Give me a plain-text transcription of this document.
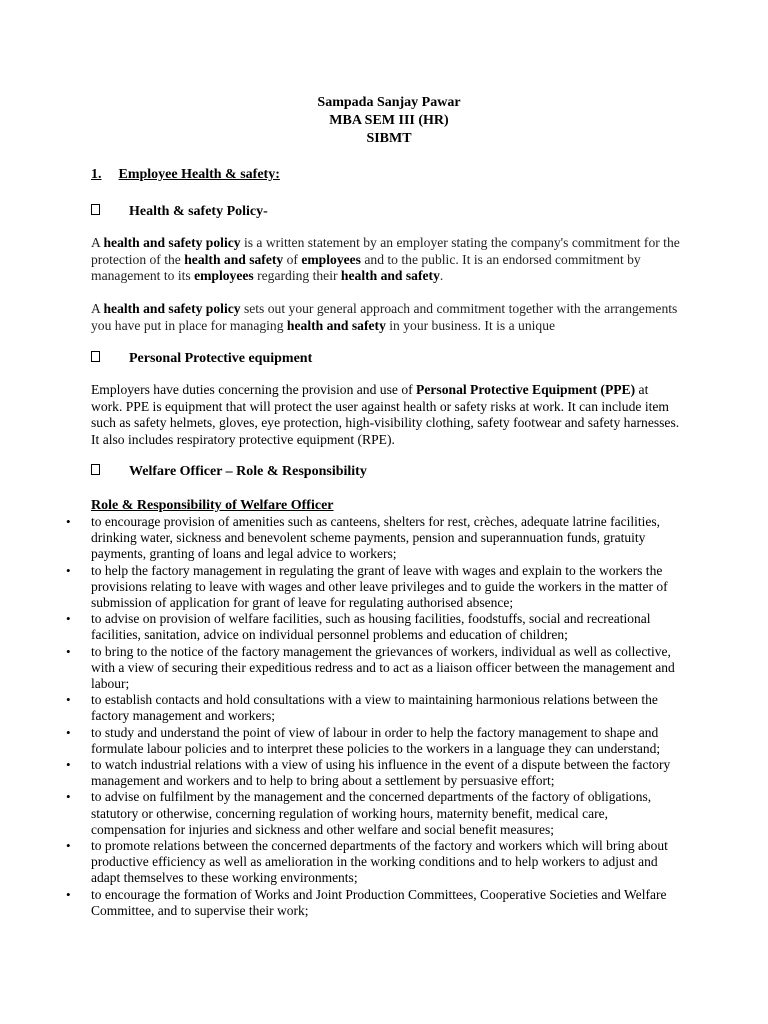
Sampada Sanjay Pawar
MBA SEM III (HR)
SIBMT
1. Employee Health & safety:
Health & safety Policy-
A health and safety policy is a written statement by an employer stating the company's commitment for the protection of the health and safety of employees and to the public. It is an endorsed commitment by management to its employees regarding their health and safety.
A health and safety policy sets out your general approach and commitment together with the arrangements you have put in place for managing health and safety in your business. It is a unique
Personal Protective equipment
Employers have duties concerning the provision and use of Personal Protective Equipment (PPE) at work. PPE is equipment that will protect the user against health or safety risks at work. It can include item such as safety helmets, gloves, eye protection, high-visibility clothing, safety footwear and safety harnesses. It also includes respiratory protective equipment (RPE).
Welfare Officer – Role & Responsibility
Role & Responsibility of Welfare Officer
• to encourage provision of amenities such as canteens, shelters for rest, crèches, adequate latrine facilities, drinking water, sickness and benevolent scheme payments, pension and superannuation funds, gratuity payments, granting of loans and legal advice to workers;
• to help the factory management in regulating the grant of leave with wages and explain to the workers the provisions relating to leave with wages and other leave privileges and to guide the workers in the matter of submission of application for grant of leave for regulating authorised absence;
• to advise on provision of welfare facilities, such as housing facilities, foodstuffs, social and recreational facilities, sanitation, advice on individual personnel problems and education of children;
• to bring to the notice of the factory management the grievances of workers, individual as well as collective, with a view of securing their expeditious redress and to act as a liaison officer between the management and labour;
• to establish contacts and hold consultations with a view to maintaining harmonious relations between the factory management and workers;
• to study and understand the point of view of labour in order to help the factory management to shape and formulate labour policies and to interpret these policies to the workers in a language they can understand;
• to watch industrial relations with a view of using his influence in the event of a dispute between the factory management and workers and to help to bring about a settlement by persuasive effort;
• to advise on fulfilment by the management and the concerned departments of the factory of obligations, statutory or otherwise, concerning regulation of working hours, maternity benefit, medical care, compensation for injuries and sickness and other welfare and social benefit measures;
• to promote relations between the concerned departments of the factory and workers which will bring about productive efficiency as well as amelioration in the working conditions and to help workers to adjust and adapt themselves to these working environments;
• to encourage the formation of Works and Joint Production Committees, Cooperative Societies and Welfare Committee, and to supervise their work;
